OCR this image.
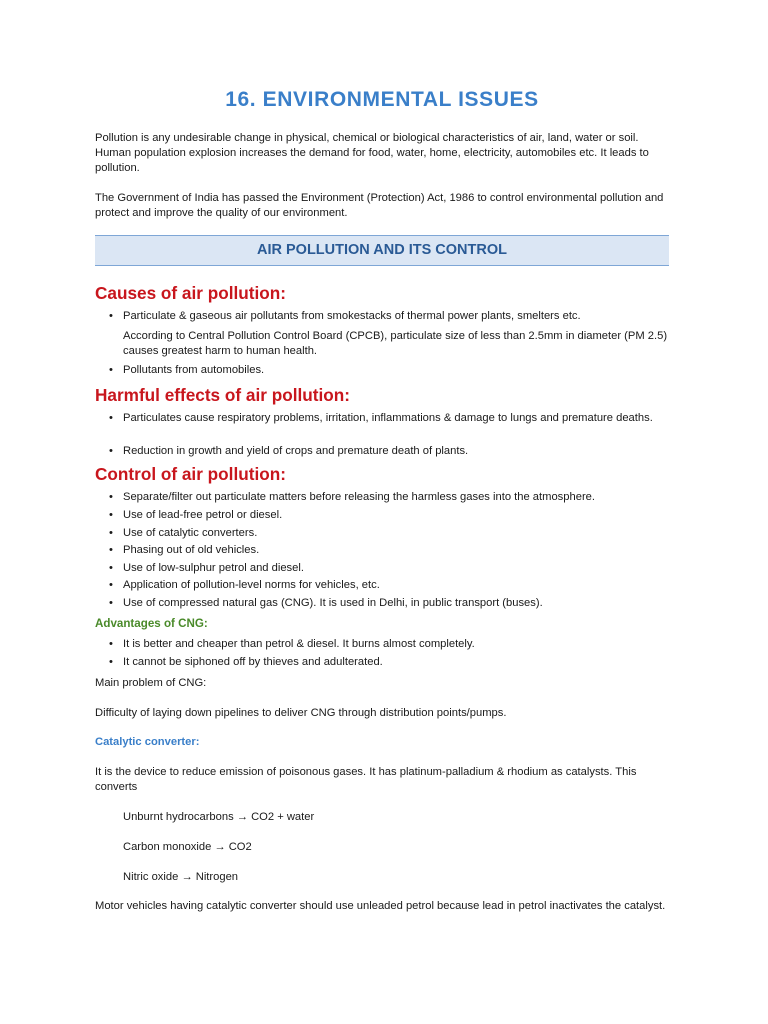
16. ENVIRONMENTAL ISSUES

Pollution is any undesirable change in physical, chemical or biological characteristics of air, land, water or soil. Human population explosion increases the demand for food, water, home, electricity, automobiles etc. It leads to pollution.

The Government of India has passed the Environment (Protection) Act, 1986 to control environmental pollution and protect and improve the quality of our environment.

AIR POLLUTION AND ITS CONTROL
Causes of air pollution:
• Particulate & gaseous air pollutants from smokestacks of thermal power plants, smelters etc.

According to Central Pollution Control Board (CPCB), particulate size of less than 2.5mm in diameter (PM 2.5) causes greatest harm to human health.

• Pollutants from automobiles.
Harmful effects of air pollution:
• Particulates cause respiratory problems, irritation, inflammations & damage to lungs and premature deaths.
• Reduction in growth and yield of crops and premature death of plants.
Control of air pollution:
• Separate/filter out particulate matters before releasing the harmless gases into the atmosphere.
• Use of lead-free petrol or diesel.
• Use of catalytic converters.
• Phasing out of old vehicles.
• Use of low-sulphur petrol and diesel.
• Application of pollution-level norms for vehicles, etc.
• Use of compressed natural gas (CNG). It is used in Delhi, in public transport (buses).
Advantages of CNG:
• It is better and cheaper than petrol & diesel. It burns almost completely.
• It cannot be siphoned off by thieves and adulterated.

Main problem of CNG:

Difficulty of laying down pipelines to deliver CNG through distribution points/pumps.

Catalytic converter:

It is the device to reduce emission of poisonous gases. It has platinum-palladium & rhodium as catalysts. This converts

Unburnt hydrocarbons → CO2 + water

Carbon monoxide → CO2

Nitric oxide → Nitrogen

Motor vehicles having catalytic converter should use unleaded petrol because lead in petrol inactivates the catalyst.
